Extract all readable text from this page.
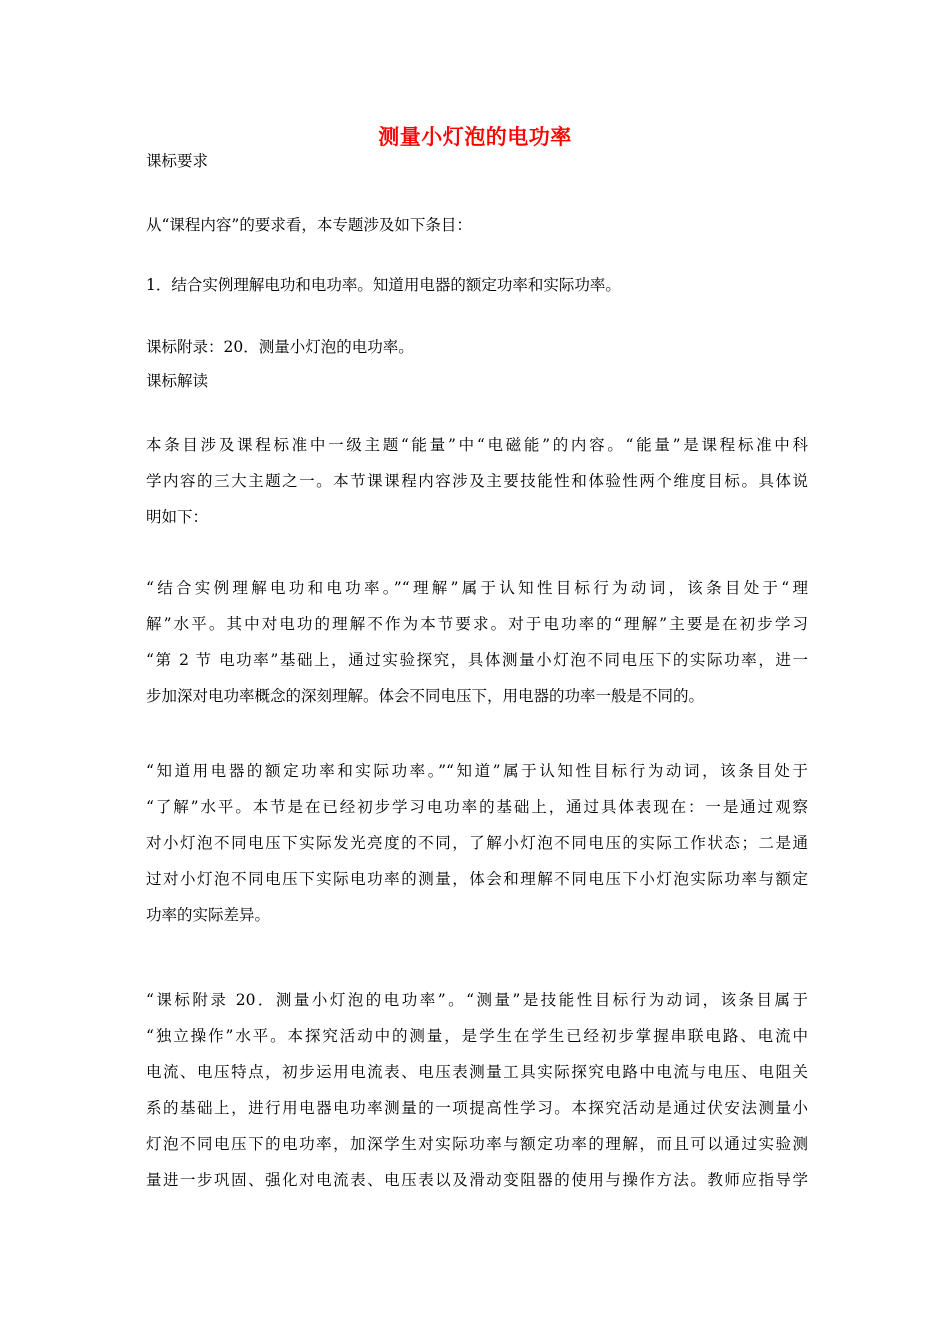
测量小灯泡的电功率
课标要求
从“课程内容”的要求看，本专题涉及如下条目：
1．结合实例理解电功和电功率。知道用电器的额定功率和实际功率。
课标附录：20．测量小灯泡的电功率。
课标解读
本条目涉及课程标准中一级主题“能量”中“电磁能”的内容。“能量”是课程标准中科
学内容的三大主题之一。本节课课程内容涉及主要技能性和体验性两个维度目标。具体说
明如下：
“结合实例理解电功和电功率。”“理解”属于认知性目标行为动词，该条目处于“理
解”水平。其中对电功的理解不作为本节要求。对于电功率的“理解”主要是在初步学习
“第 2 节 电功率”基础上，通过实验探究，具体测量小灯泡不同电压下的实际功率，进一
步加深对电功率概念的深刻理解。体会不同电压下，用电器的功率一般是不同的。
“知道用电器的额定功率和实际功率。”“知道”属于认知性目标行为动词，该条目处于
“了解”水平。本节是在已经初步学习电功率的基础上，通过具体表现在：一是通过观察
对小灯泡不同电压下实际发光亮度的不同，了解小灯泡不同电压的实际工作状态；二是通
过对小灯泡不同电压下实际电功率的测量，体会和理解不同电压下小灯泡实际功率与额定
功率的实际差异。
“课标附录 20．测量小灯泡的电功率”。“测量”是技能性目标行为动词，该条目属于
“独立操作”水平。本探究活动中的测量，是学生在学生已经初步掌握串联电路、电流中
电流、电压特点，初步运用电流表、电压表测量工具实际探究电路中电流与电压、电阻关
系的基础上，进行用电器电功率测量的一项提高性学习。本探究活动是通过伏安法测量小
灯泡不同电压下的电功率，加深学生对实际功率与额定功率的理解，而且可以通过实验测
量进一步巩固、强化对电流表、电压表以及滑动变阻器的使用与操作方法。教师应指导学
